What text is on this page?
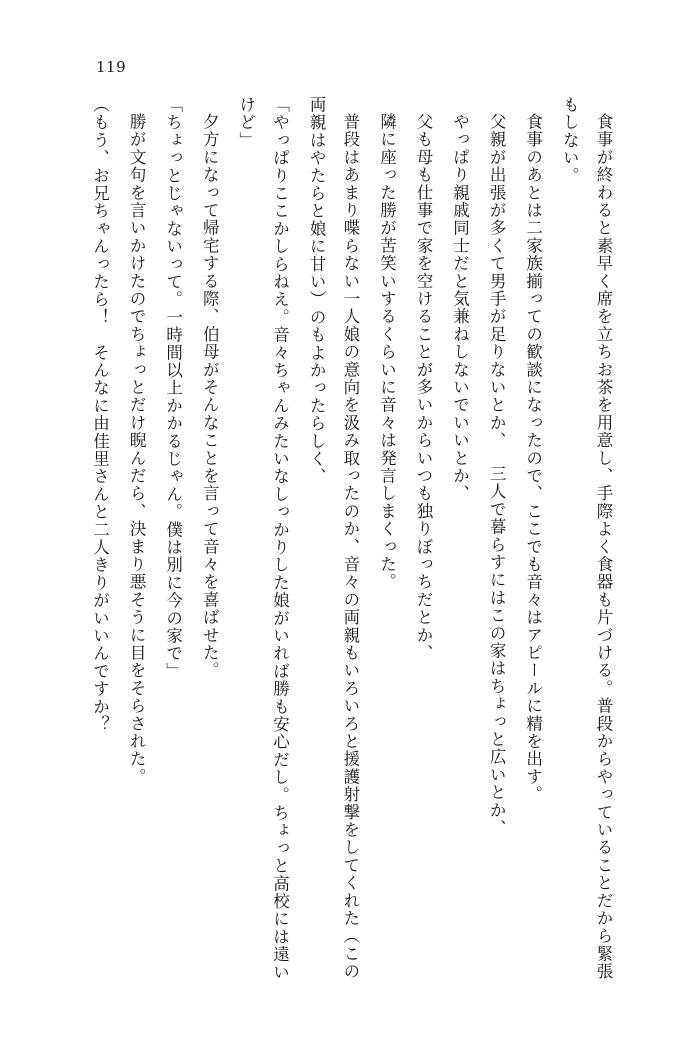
119

食事が終わると素早く席を立ちお茶を用意し、手際よく食器も片づける。普段からやっていることだから緊張もしない。

食事のあとは二家族揃っての歓談になったので、ここでも音々はアピールに精を出す。

父親が出張が多くて男手が足りないとか、

三人で暮らすにはこの家はちょっと広いとか、

やっぱり親戚同士だと気兼ねしないでいいとか、

父も母も仕事で家を空けることが多いからいつも独りぼっちだとか、

隣に座った勝が苦笑いするくらいに音々は発言しまくった。

普段はあまり喋らない一人娘の意向を汲み取ったのか、音々の両親もいろいろと援護射撃をしてくれた（この両親はやたらと娘に甘い）のもよかったらしく、

「やっぱりここかしらねえ。音々ちゃんみたいなしっかりした娘がいれば勝も安心だし。ちょっと高校には遠いけど」

夕方になって帰宅する際、伯母がそんなことを言って音々を喜ばせた。

「ちょっとじゃないって。一時間以上かかるじゃん。僕は別に今の家で」

勝が文句を言いかけたのでちょっとだけ睨んだら、決まり悪そうに目をそらされた。

（もう、お兄ちゃんったら！　そんなに由佳里さんと二人きりがいいんですか？
